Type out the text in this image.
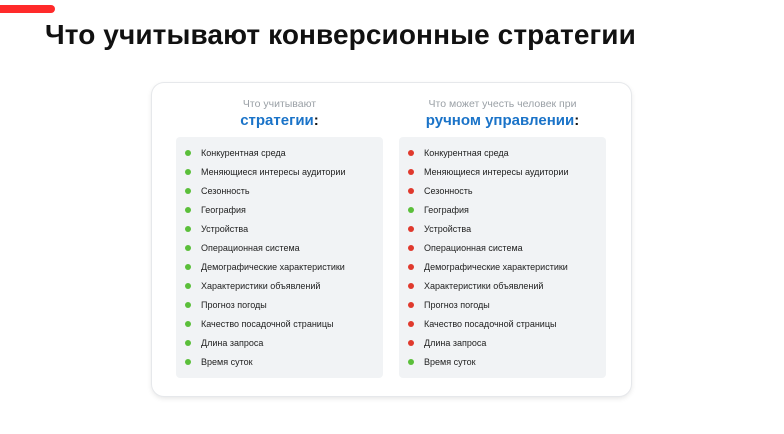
Что учитывают конверсионные стратегии
Что учитывают
стратегии:
Конкурентная среда
Меняющиеся интересы аудитории
Сезонность
География
Устройства
Операционная система
Демографические характеристики
Характеристики объявлений
Прогноз погоды
Качество посадочной страницы
Длина запроса
Время суток
Что может учесть человек при
ручном управлении:
Конкурентная среда
Меняющиеся интересы аудитории
Сезонность
География
Устройства
Операционная система
Демографические характеристики
Характеристики объявлений
Прогноз погоды
Качество посадочной страницы
Длина запроса
Время суток
